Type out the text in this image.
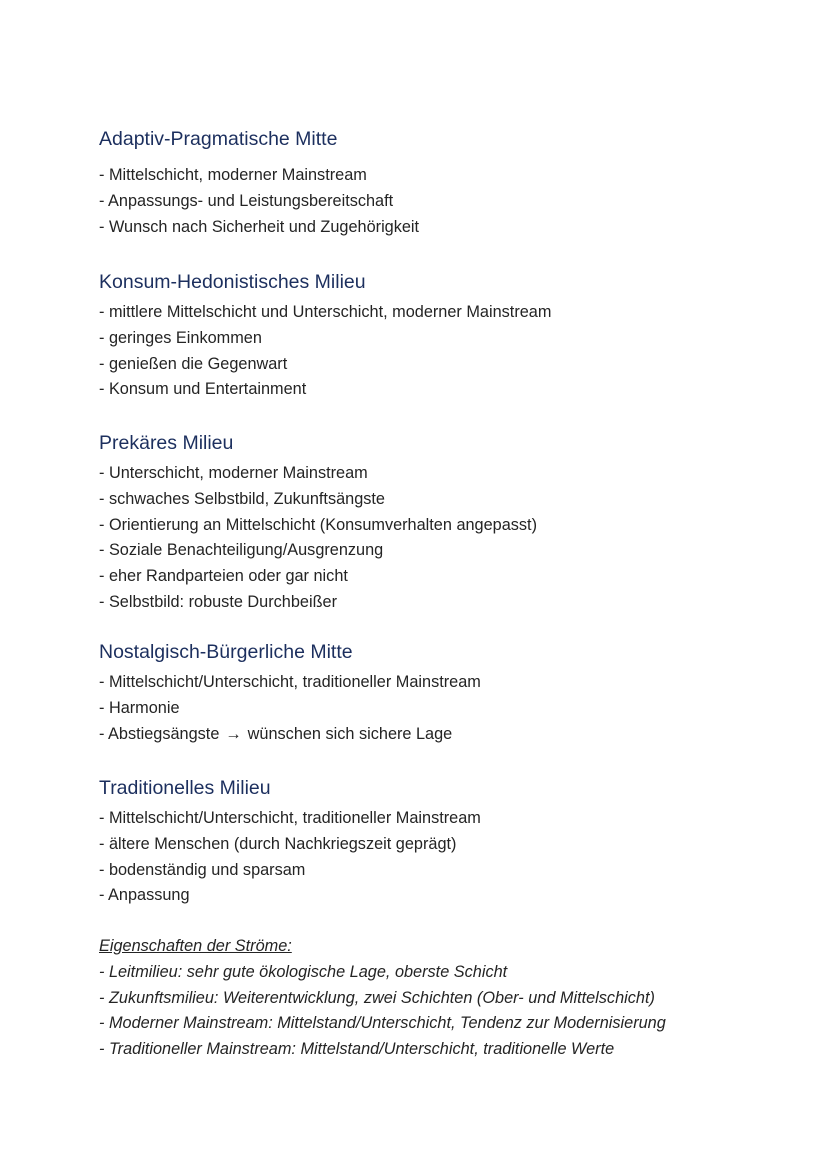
Adaptiv-Pragmatische Mitte
- Mittelschicht, moderner Mainstream
- Anpassungs- und Leistungsbereitschaft
- Wunsch nach Sicherheit und Zugehörigkeit
Konsum-Hedonistisches Milieu
- mittlere Mittelschicht und Unterschicht, moderner Mainstream
- geringes Einkommen
- genießen die Gegenwart
- Konsum und Entertainment
Prekäres Milieu
- Unterschicht, moderner Mainstream
- schwaches Selbstbild, Zukunftsängste
- Orientierung an Mittelschicht (Konsumverhalten angepasst)
- Soziale Benachteiligung/Ausgrenzung
- eher Randparteien oder gar nicht
- Selbstbild: robuste Durchbeißer
Nostalgisch-Bürgerliche Mitte
- Mittelschicht/Unterschicht, traditioneller Mainstream
- Harmonie
- Abstiegsängste → wünschen sich sichere Lage
Traditionelles Milieu
- Mittelschicht/Unterschicht, traditioneller Mainstream
- ältere Menschen (durch Nachkriegszeit geprägt)
- bodenständig und sparsam
- Anpassung

Eigenschaften der Ströme:

- Leitmilieu: sehr gute ökologische Lage, oberste Schicht
- Zukunftsmilieu: Weiterentwicklung, zwei Schichten (Ober- und Mittelschicht)
- Moderner Mainstream: Mittelstand/Unterschicht, Tendenz zur Modernisierung
- Traditioneller Mainstream: Mittelstand/Unterschicht, traditionelle Werte
